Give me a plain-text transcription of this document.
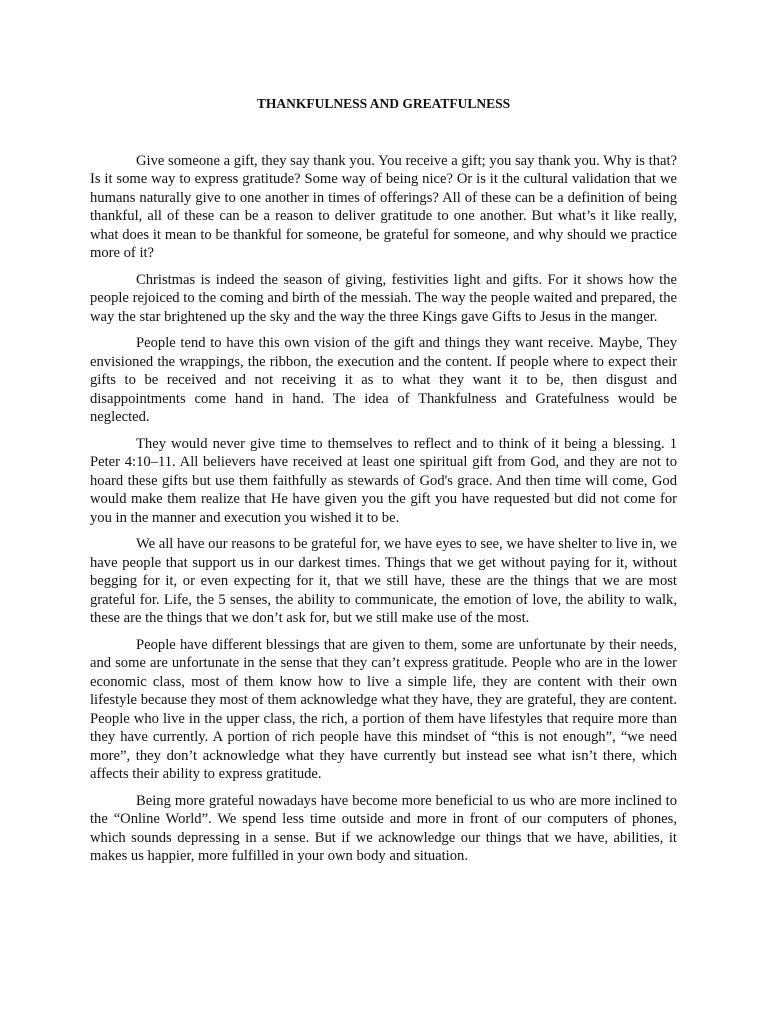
THANKFULNESS AND GREATFULNESS

Give someone a gift, they say thank you. You receive a gift; you say thank you. Why is that? Is it some way to express gratitude? Some way of being nice? Or is it the cultural validation that we humans naturally give to one another in times of offerings? All of these can be a definition of being thankful, all of these can be a reason to deliver gratitude to one another. But what’s it like really, what does it mean to be thankful for someone, be grateful for someone, and why should we practice more of it?

Christmas is indeed the season of giving, festivities light and gifts. For it shows how the people rejoiced to the coming and birth of the messiah. The way the people waited and prepared, the way the star brightened up the sky and the way the three Kings gave Gifts to Jesus in the manger.

People tend to have this own vision of the gift and things they want receive. Maybe, They envisioned the wrappings, the ribbon, the execution and the content. If people where to expect their gifts to be received and not receiving it as to what they want it to be, then disgust and disappointments come hand in hand. The idea of Thankfulness and Gratefulness would be neglected.

They would never give time to themselves to reflect and to think of it being a blessing. 1 Peter 4:10–11. All believers have received at least one spiritual gift from God, and they are not to hoard these gifts but use them faithfully as stewards of God's grace. And then time will come, God would make them realize that He have given you the gift you have requested but did not come for you in the manner and execution you wished it to be.

We all have our reasons to be grateful for, we have eyes to see, we have shelter to live in, we have people that support us in our darkest times. Things that we get without paying for it, without begging for it, or even expecting for it, that we still have, these are the things that we are most grateful for. Life, the 5 senses, the ability to communicate, the emotion of love, the ability to walk, these are the things that we don’t ask for, but we still make use of the most.

People have different blessings that are given to them, some are unfortunate by their needs, and some are unfortunate in the sense that they can’t express gratitude. People who are in the lower economic class, most of them know how to live a simple life, they are content with their own lifestyle because they most of them acknowledge what they have, they are grateful, they are content. People who live in the upper class, the rich, a portion of them have lifestyles that require more than they have currently. A portion of rich people have this mindset of “this is not enough”, “we need more”, they don’t acknowledge what they have currently but instead see what isn’t there, which affects their ability to express gratitude.

Being more grateful nowadays have become more beneficial to us who are more inclined to the “Online World”. We spend less time outside and more in front of our computers of phones, which sounds depressing in a sense. But if we acknowledge our things that we have, abilities, it makes us happier, more fulfilled in your own body and situation.
